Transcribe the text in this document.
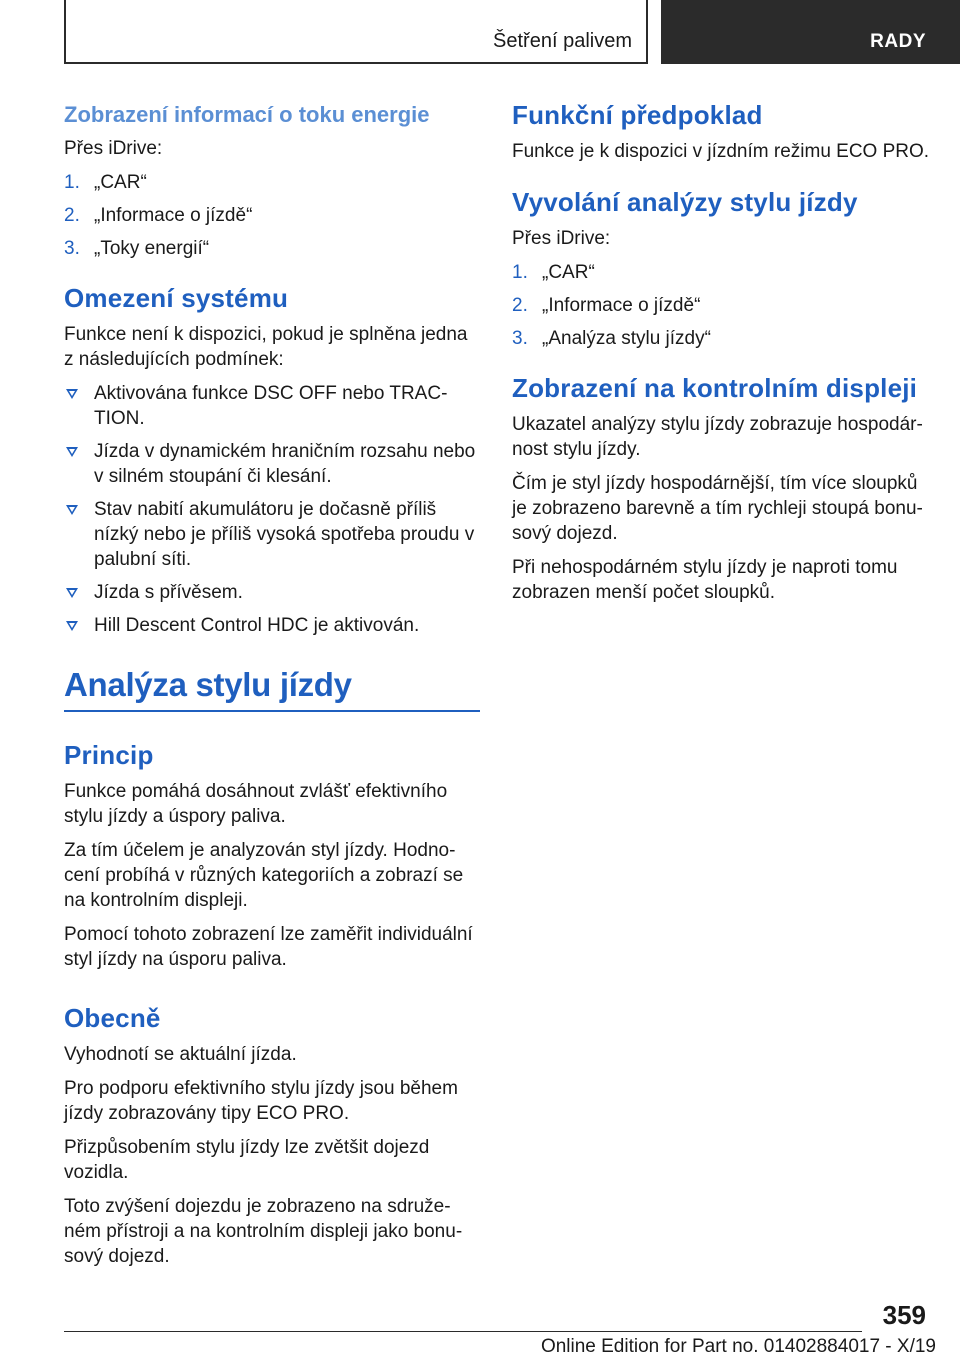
Šetření palivem	RADY
Zobrazení informací o toku energie

Přes iDrive:

1. „CAR“
2. „Informace o jízdě“
3. „Toky energií“
Omezení systému

Funkce není k dispozici, pokud je splněna jedna z následujících podmínek:

Aktivována funkce DSC OFF nebo TRACTION.
Jízda v dynamickém hraničním rozsahu nebo v silném stoupání či klesání.
Stav nabití akumulátoru je dočasně příliš nízký nebo je příliš vysoká spotřeba proudu v palubní síti.
Jízda s přívěsem.
Hill Descent Control HDC je aktivován.
Analýza stylu jízdy
Princip

Funkce pomáhá dosáhnout zvlášť efektivního stylu jízdy a úspory paliva.

Za tím účelem je analyzován styl jízdy. Hodnocení probíhá v různých kategoriích a zobrazí se na kontrolním displeji.

Pomocí tohoto zobrazení lze zaměřit individuální styl jízdy na úsporu paliva.

Obecně

Vyhodnotí se aktuální jízda.

Pro podporu efektivního stylu jízdy jsou během jízdy zobrazovány tipy ECO PRO.

Přizpůsobením stylu jízdy lze zvětšit dojezd vozidla.

Toto zvýšení dojezdu je zobrazeno na sdruženém přístroji a na kontrolním displeji jako bonusový dojezd.

Funkční předpoklad

Funkce je k dispozici v jízdním režimu ECO PRO.

Vyvolání analýzy stylu jízdy

Přes iDrive:

1. „CAR“
2. „Informace o jízdě“
3. „Analýza stylu jízdy“
Zobrazení na kontrolním displeji

Ukazatel analýzy stylu jízdy zobrazuje hospodárnost stylu jízdy.

Čím je styl jízdy hospodárnější, tím více sloupků je zobrazeno barevně a tím rychleji stoupá bonusový dojezd.

Při nehospodárném stylu jízdy je naproti tomu zobrazen menší počet sloupků.

359
Online Edition for Part no. 01402884017 - X/19
